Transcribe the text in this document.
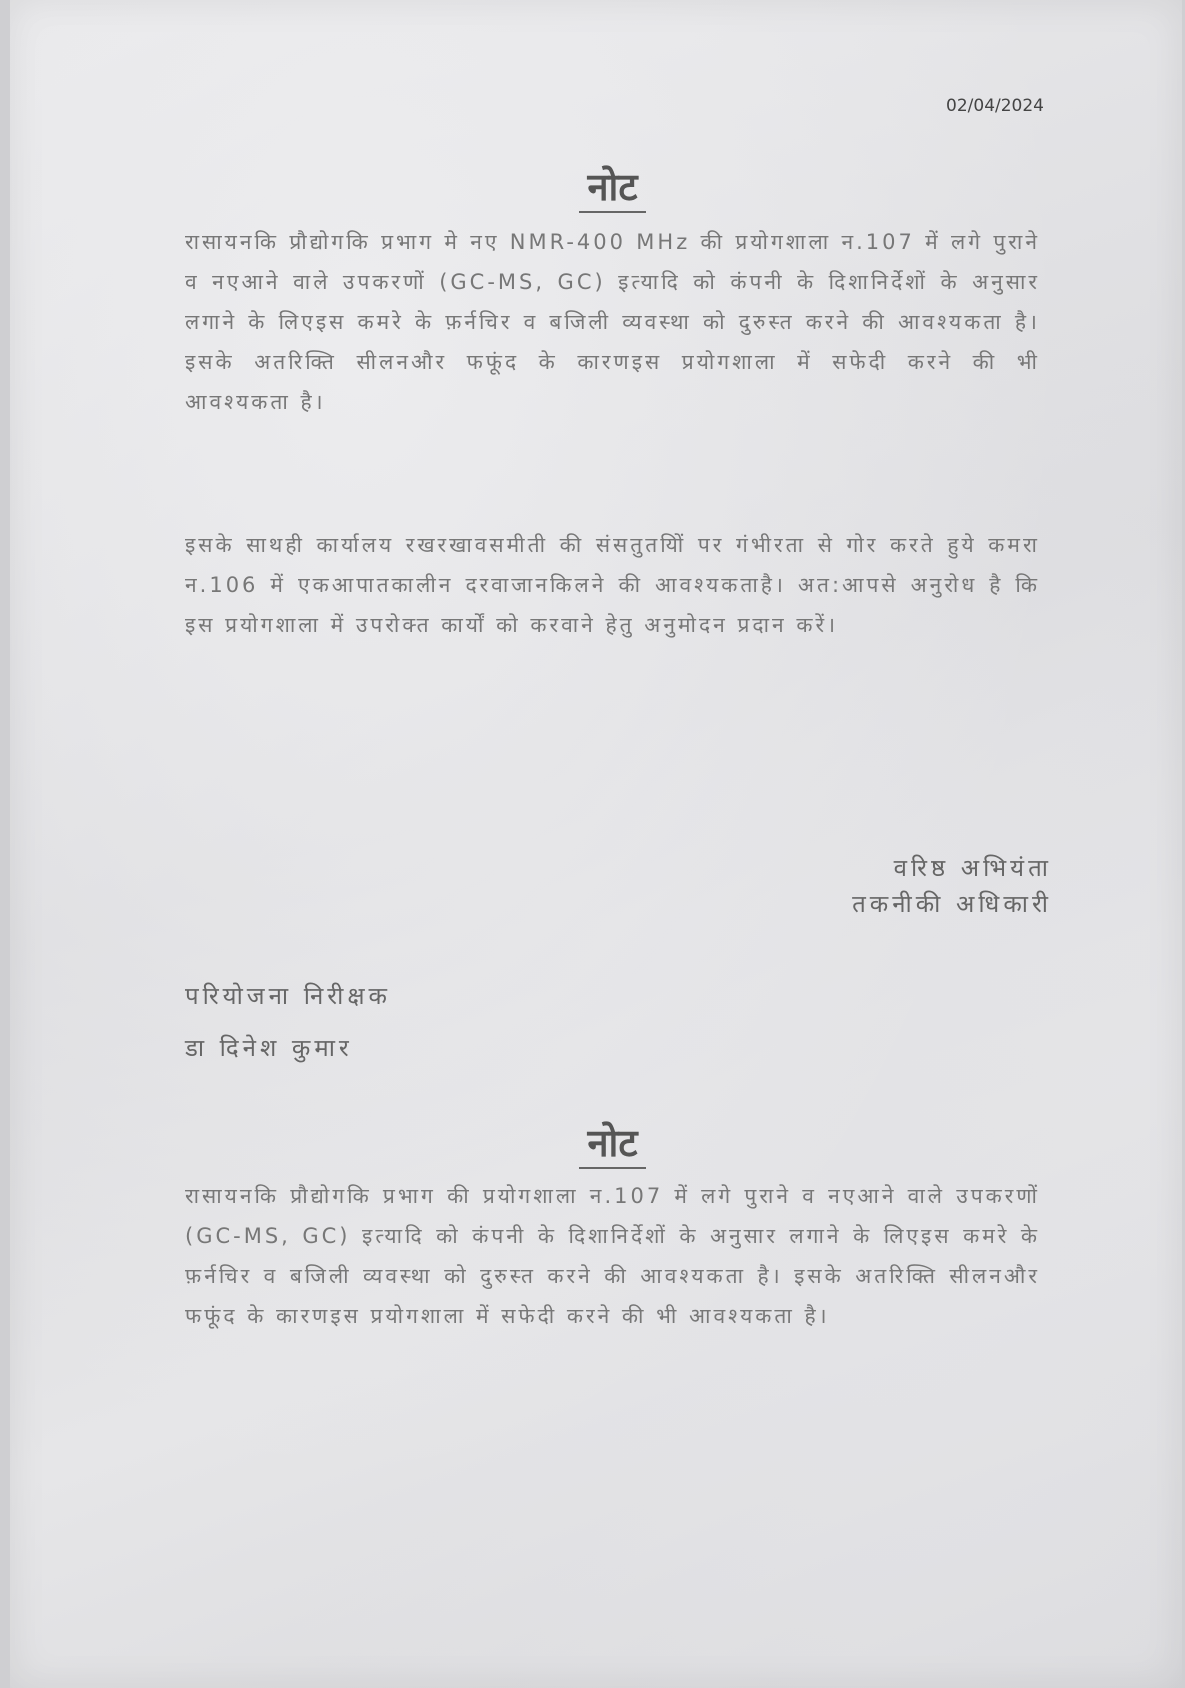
02/04/2024
नोट
रासायनकि प्रौद्योगकि प्रभाग मे नए NMR-400 MHz की प्रयोगशाला न.107 में लगे पुराने व नएआने वाले उपकरणों (GC-MS, GC) इत्यादि को कंपनी के दिशानिर्देशों के अनुसार लगाने के लिएइस कमरे के फ़र्नचिर व बजिली व्यवस्था को दुरुस्त करने की आवश्यकता है। इसके अतरिक्ति सीलनऔर फफूंद के कारणइस प्रयोगशाला में सफेदी करने की भी आवश्यकता है।
इसके साथही कार्यालय रखरखावसमीती की संसतुतयिों पर गंभीरता से गोर करते हुये कमरा न.106 में एकआपातकालीन दरवाजानकिलने की आवश्यकताहै। अत:आपसे अनुरोध है कि इस प्रयोगशाला में उपरोक्त कार्यों को करवाने हेतु अनुमोदन प्रदान करें।
वरिष्ठ अभियंता
तकनीकी अधिकारी
परियोजना निरीक्षक
डा दिनेश कुमार
नोट
रासायनकि प्रौद्योगकि प्रभाग की प्रयोगशाला न.107 में लगे पुराने व नएआने वाले उपकरणों (GC-MS, GC) इत्यादि को कंपनी के दिशानिर्देशों के अनुसार लगाने के लिएइस कमरे के फ़र्नचिर व बजिली व्यवस्था को दुरुस्त करने की आवश्यकता है। इसके अतरिक्ति सीलनऔर फफूंद के कारणइस प्रयोगशाला में सफेदी करने की भी आवश्यकता है।
